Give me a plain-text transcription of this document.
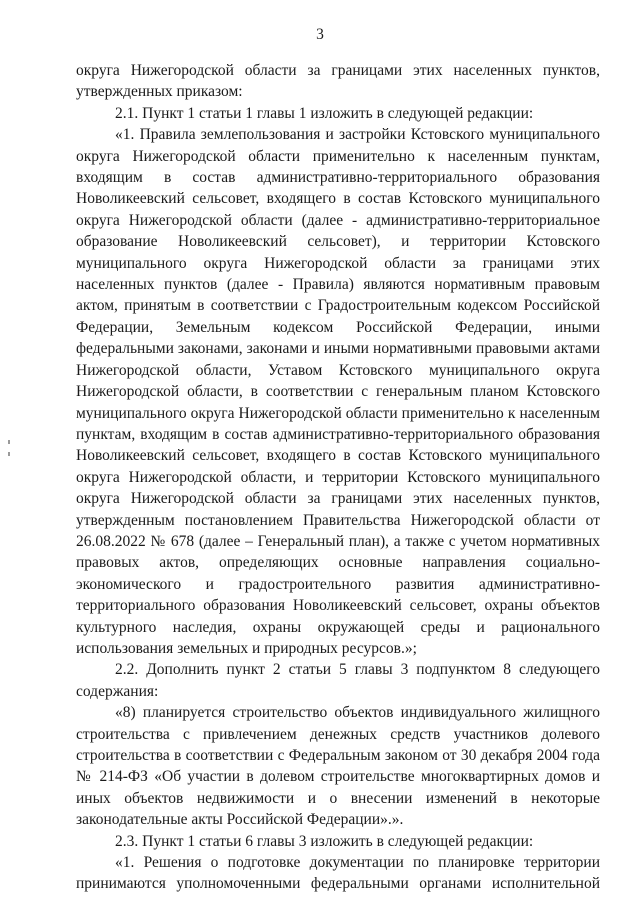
3

округа Нижегородской области за границами этих населенных пунктов, утвержденных приказом:

2.1. Пункт 1 статьи 1 главы 1 изложить в следующей редакции:

«1. Правила землепользования и застройки Кстовского муниципального округа Нижегородской области применительно к населенным пунктам, входящим в состав административно-территориального образования Новоликеевский сельсовет, входящего в состав Кстовского муниципального округа Нижегородской области (далее - административно-территориальное образование Новоликеевский сельсовет), и территории Кстовского муниципального округа Нижегородской области за границами этих населенных пунктов (далее - Правила) являются нормативным правовым актом, принятым в соответствии с Градостроительным кодексом Российской Федерации, Земельным кодексом Российской Федерации, иными федеральными законами, законами и иными нормативными правовыми актами Нижегородской области, Уставом Кстовского муниципального округа Нижегородской области, в соответствии с генеральным планом Кстовского муниципального округа Нижегородской области применительно к населенным пунктам, входящим в состав административно-территориального образования Новоликеевский сельсовет, входящего в состав Кстовского муниципального округа Нижегородской области, и территории Кстовского муниципального округа Нижегородской области за границами этих населенных пунктов, утвержденным постановлением Правительства Нижегородской области от 26.08.2022 № 678 (далее – Генеральный план), а также с учетом нормативных правовых актов, определяющих основные направления социально-экономического и градостроительного развития административно-территориального образования Новоликеевский сельсовет, охраны объектов культурного наследия, охраны окружающей среды и рационального использования земельных и природных ресурсов.»;

2.2. Дополнить пункт 2 статьи 5 главы 3 подпунктом 8 следующего содержания:

«8) планируется строительство объектов индивидуального жилищного строительства с привлечением денежных средств участников долевого строительства в соответствии с Федеральным законом от 30 декабря 2004 года № 214-ФЗ «Об участии в долевом строительстве многоквартирных домов и иных объектов недвижимости и о внесении изменений в некоторые законодательные акты Российской Федерации».».

2.3. Пункт 1 статьи 6 главы 3 изложить в следующей редакции:

«1. Решения о подготовке документации по планировке территории принимаются уполномоченными федеральными органами исполнительной
